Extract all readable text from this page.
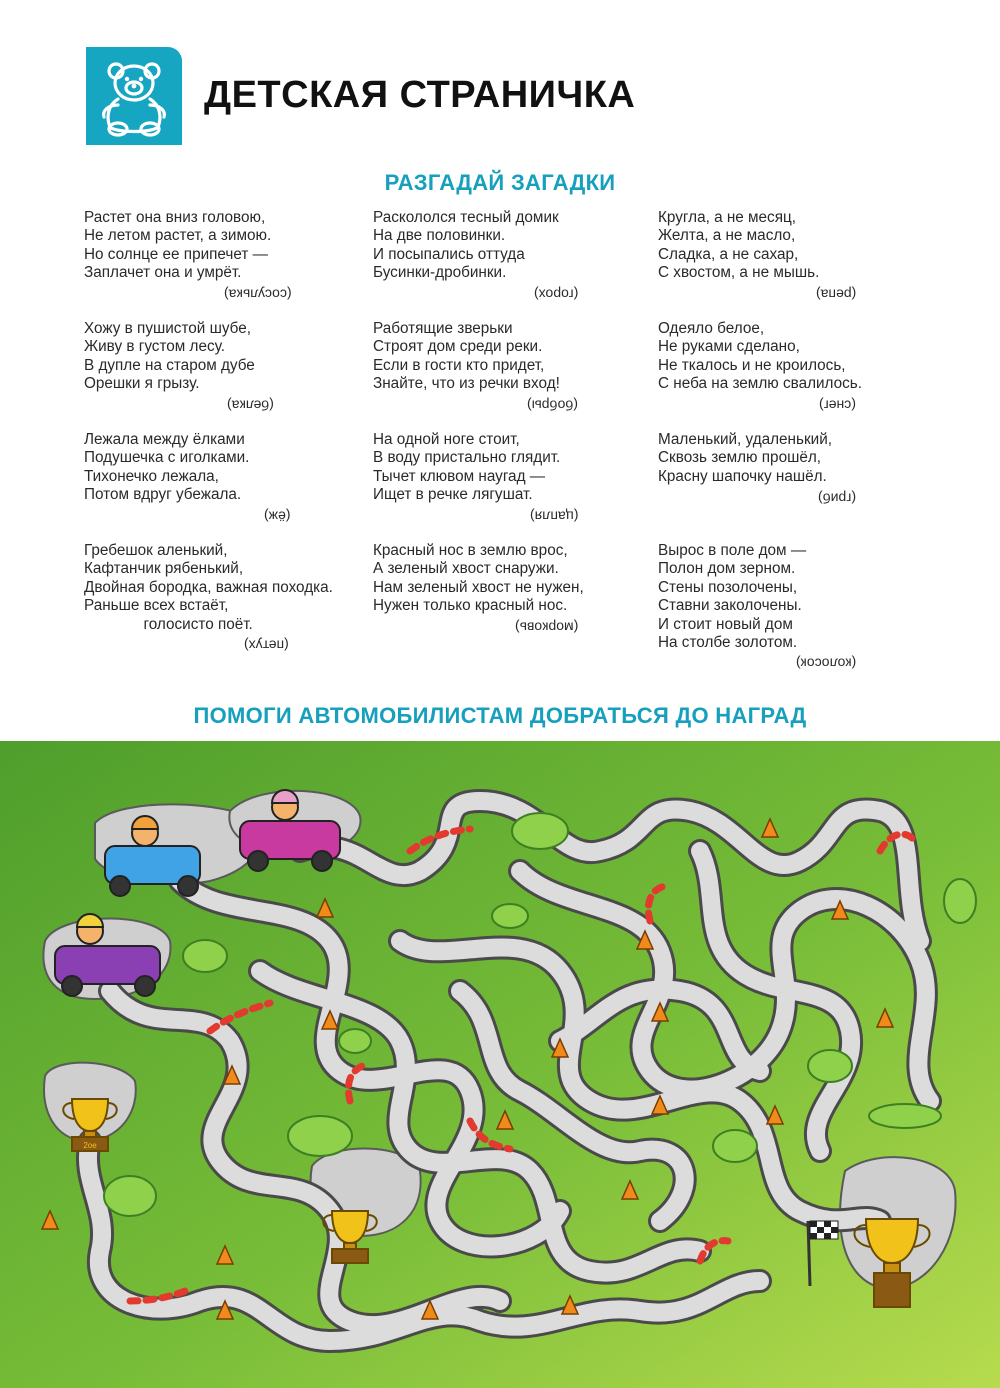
ДЕТСКАЯ СТРАНИЧКА
РАЗГАДАЙ ЗАГАДКИ
Растет она вниз головою,
Не летом растет, а зимою.
Но солнце ее припечет —
Заплачет она и умрёт.
(сосулька)
Хожу в пушистой шубе,
Живу в густом лесу.
В дупле на старом дубе
Орешки я грызу.
(белка)
Лежала между ёлками
Подушечка с иголками.
Тихонечко лежала,
Потом вдруг убежала.
(ёж)
Гребешок аленький,
Кафтанчик рябенький,
Двойная бородка, важная походка.
Раньше всех встаёт,
голосисто поёт.
(петух)
Раскололся тесный домик
На две половинки.
И посыпались оттуда
Бусинки-дробинки.
(горох)
Работящие зверьки
Строят дом среди реки.
Если в гости кто придет,
Знайте, что из речки вход!
(бобры)
На одной ноге стоит,
В воду пристально глядит.
Тычет клювом наугад —
Ищет в речке лягушат.
(цапля)
Красный нос в землю врос,
А зеленый хвост снаружи.
Нам зеленый хвост не нужен,
Нужен только красный нос.
(морковь)
Кругла, а не месяц,
Желта, а не масло,
Сладка, а не сахар,
С хвостом, а не мышь.
(репа)
Одеяло белое,
Не руками сделано,
Не ткалось и не кроилось,
С неба на землю свалилось.
(снег)
Маленький, удаленький,
Сквозь землю прошёл,
Красну шапочку нашёл.
(гриб)
Вырос в поле дом —
Полон дом зерном.
Стены позолочены,
Ставни заколочены.
И стоит новый дом
На столбе золотом.
(колосок)
ПОМОГИ АВТОМОБИЛИСТАМ ДОБРАТЬСЯ ДО НАГРАД
2ое
